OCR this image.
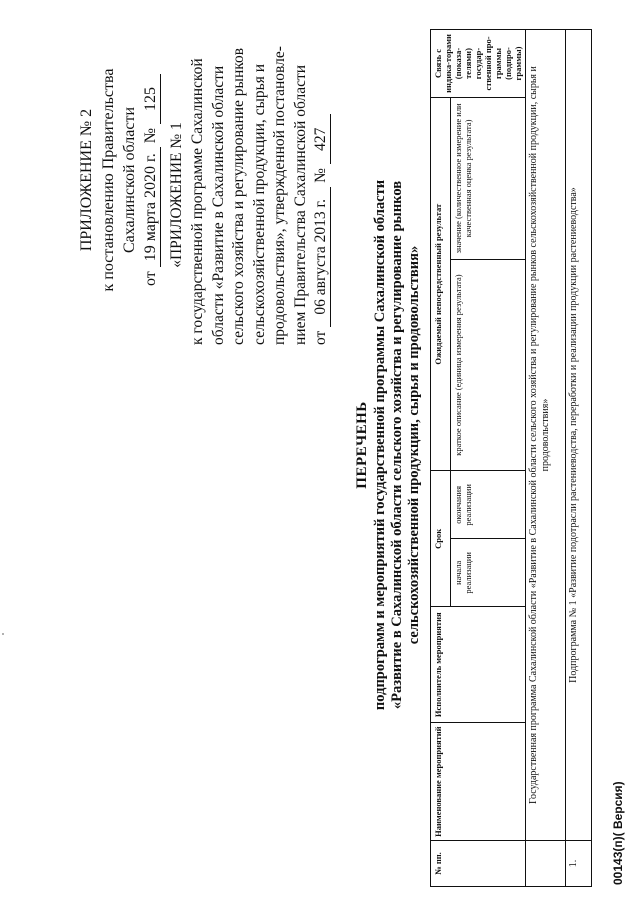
ПРИЛОЖЕНИЕ № 2 к постановлению Правительства Сахалинской области
от 19 марта 2020 г. № 125
«ПРИЛОЖЕНИЕ № 1 к государственной программе Сахалинской области «Развитие в Сахалинской области сельского хозяйства и регулирование рынков сельскохозяйственной продукции, сырья и продовольствия», утвержденной постановле- нием Правительства Сахалинской области от 06 августа 2013 г. № 427
ПЕРЕЧЕНЬ подпрограмм и мероприятий государственной программы Сахалинской области «Развитие в Сахалинской области сельского хозяйства и регулирование рынков сельскохозяйственной продукции, сырья и продовольствия»
№ пп.	Наименование мероприятий	Исполнитель мероприятия	Срок		Ожидаемый непосредственный результат		Связь с индика-торами (показа-телями) государ-ственной про-граммы (подпро-граммы)
			начала реализации	окончания реализации	краткое описание (единица измерения результата)	значение (количественное измерение или качественная оценка результата)	
	Государственная программа Сахалинской области «Развитие в Сахалинской области сельского хозяйства и регулирование рынков сельскохозяйственной продукции, сырья и продовольствия»						
1.	Подпрограмма № 1 «Развитие подотрасли растениеводства, переработки и реализации продукции растениеводства»						
00143(п)( Версия)
